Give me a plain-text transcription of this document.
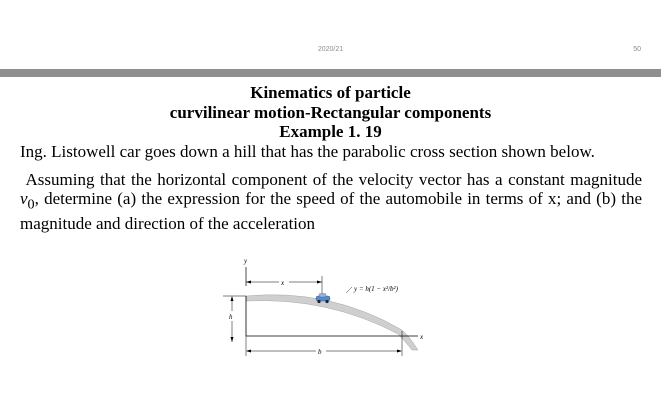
2020/21	50
Kinematics of particle
curvilinear motion-Rectangular components
Example 1. 19
Ing. Listowell car goes down a hill that has the parabolic cross section shown below.
Assuming that the horizontal component of the velocity vector has a constant magnitude $v_0$, determine (a) the expression for the speed of the automobile in terms of x; and (b) the magnitude and direction of the acceleration
y
x
h
x
y = h(1 − x²/b²)
b
